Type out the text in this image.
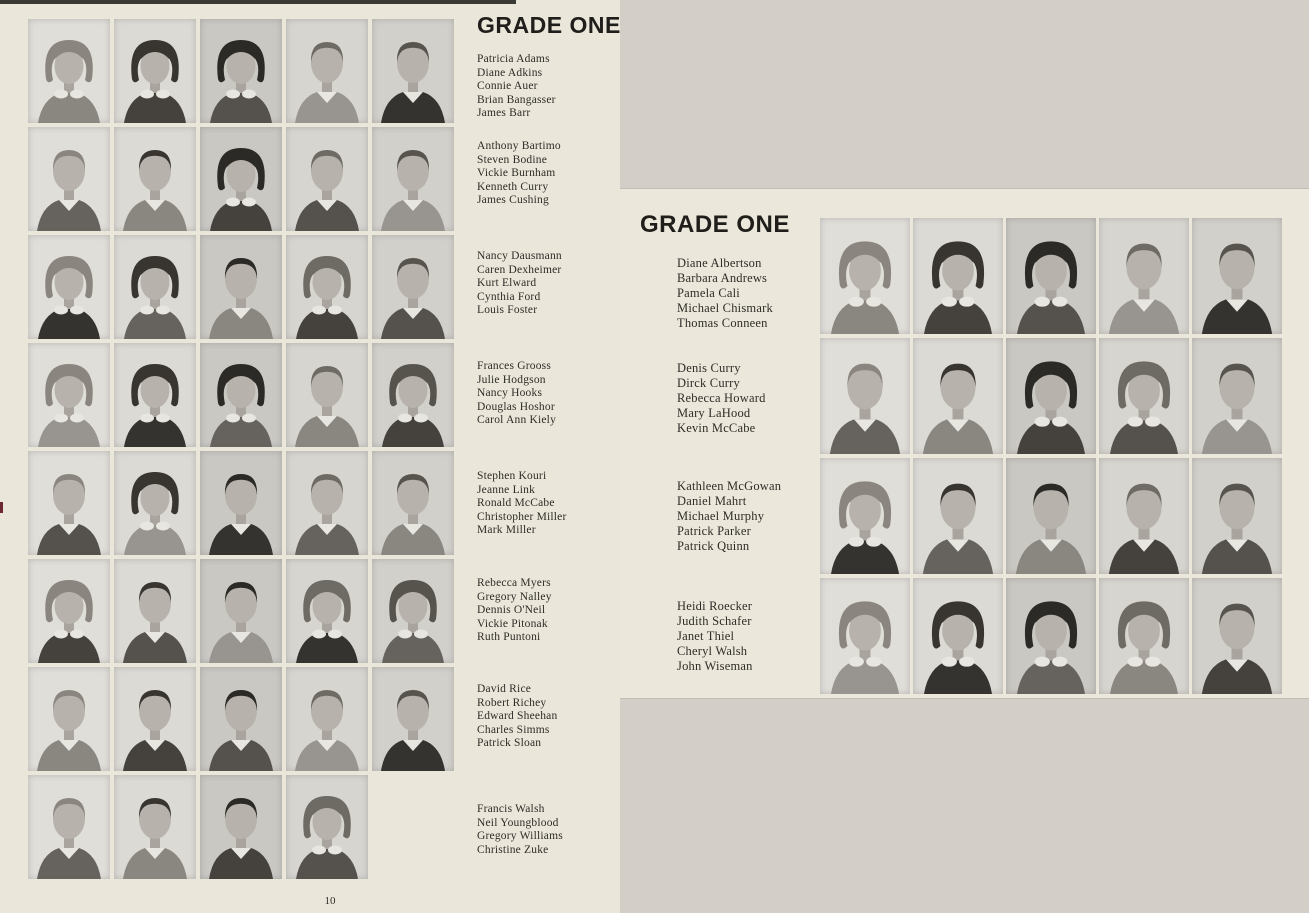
GRADE ONE
Patricia Adams
Diane Adkins
Connie Auer
Brian Bangasser
James Barr
Anthony Bartimo
Steven Bodine
Vickie Burnham
Kenneth Curry
James Cushing
Nancy Dausmann
Caren Dexheimer
Kurt Elward
Cynthia Ford
Louis Foster
Frances Grooss
Julie Hodgson
Nancy Hooks
Douglas Hoshor
Carol Ann Kiely
Stephen Kouri
Jeanne Link
Ronald McCabe
Christopher Miller
Mark Miller
Rebecca Myers
Gregory Nalley
Dennis O'Neil
Vickie Pitonak
Ruth Puntoni
David Rice
Robert Richey
Edward Sheehan
Charles Simms
Patrick Sloan
Francis Walsh
Neil Youngblood
Gregory Williams
Christine Zuke
10
GRADE ONE
Diane Albertson
Barbara Andrews
Pamela Cali
Michael Chismark
Thomas Conneen
Denis Curry
Dirck Curry
Rebecca Howard
Mary LaHood
Kevin McCabe
Kathleen McGowan
Daniel Mahrt
Michael Murphy
Patrick Parker
Patrick Quinn
Heidi Roecker
Judith Schafer
Janet Thiel
Cheryl Walsh
John Wiseman
